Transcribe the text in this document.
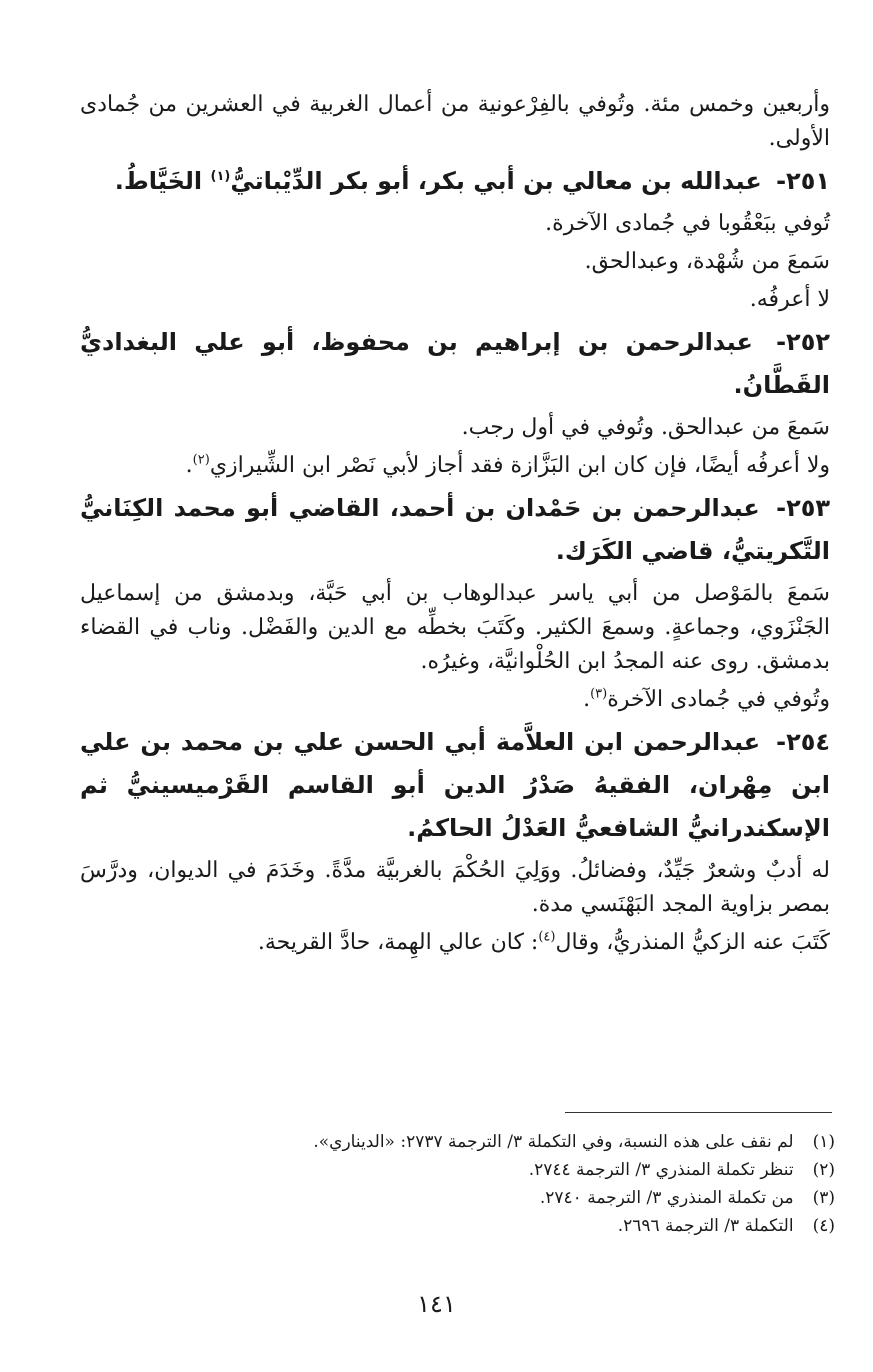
وأربعين وخمس مئة. وتُوفي بالفِرْعونية من أعمال الغربية في العشرين من جُمادى الأولى.

٢٥١- عبدالله بن معالي بن أبي بكر، أبو بكر الدِّيْباتيُّ$^{(١)}$ الخَيَّاطُ.

تُوفي ببَعْقُوبا في جُمادى الآخرة.

سَمعَ من شُهْدة، وعبدالحق.

لا أعرفُه.

٢٥٢- عبدالرحمن بن إبراهيم بن محفوظ، أبو علي البغداديُّ القَطَّانُ.

سَمعَ من عبدالحق. وتُوفي في أول رجب.

ولا أعرفُه أيضًا، فإن كان ابن البَزَّازة فقد أجاز لأبي نَصْر ابن الشِّيرازي$^{(٢)}$.

٢٥٣- عبدالرحمن بن حَمْدان بن أحمد، القاضي أبو محمد الكِنَانيُّ التَّكريتيُّ، قاضي الكَرَك.

سَمعَ بالمَوْصل من أبي ياسر عبدالوهاب بن أبي حَبَّة، وبدمشق من إسماعيل الجَنْزَوي، وجماعةٍ. وسمعَ الكثير. وكَتَبَ بخطِّه مع الدين والفَضْل. وناب في القضاء بدمشق. روى عنه المجدُ ابن الحُلْوانيَّة، وغيرُه.

وتُوفي في جُمادى الآخرة$^{(٣)}$.

٢٥٤- عبدالرحمن ابن العلاَّمة أبي الحسن علي بن محمد بن علي ابن مِهْران، الفقيهُ صَدْرُ الدين أبو القاسم القَرْميسينيُّ ثم الإسكندرانيُّ الشافعيُّ العَدْلُ الحاكمُ.

له أدبٌ وشعرٌ جَيِّدٌ، وفضائلُ. ووَلِيَ الحُكْمَ بالغربيَّة مدَّةً. وخَدَمَ في الديوان، ودرَّسَ بمصر بزاوية المجد البَهْنَسي مدة.

كَتَبَ عنه الزكيُّ المنذريُّ، وقال$^{(٤)}$: كان عالي الهِمة، حادَّ القريحة.

(١) لم نقف على هذه النسبة، وفي التكملة ٣/ الترجمة ٢٧٣٧: «الديناري».

(٢) تنظر تكملة المنذري ٣/ الترجمة ٢٧٤٤.

(٣) من تكملة المنذري ٣/ الترجمة ٢٧٤٠.

(٤) التكملة ٣/ الترجمة ٢٦٩٦.

١٤١
